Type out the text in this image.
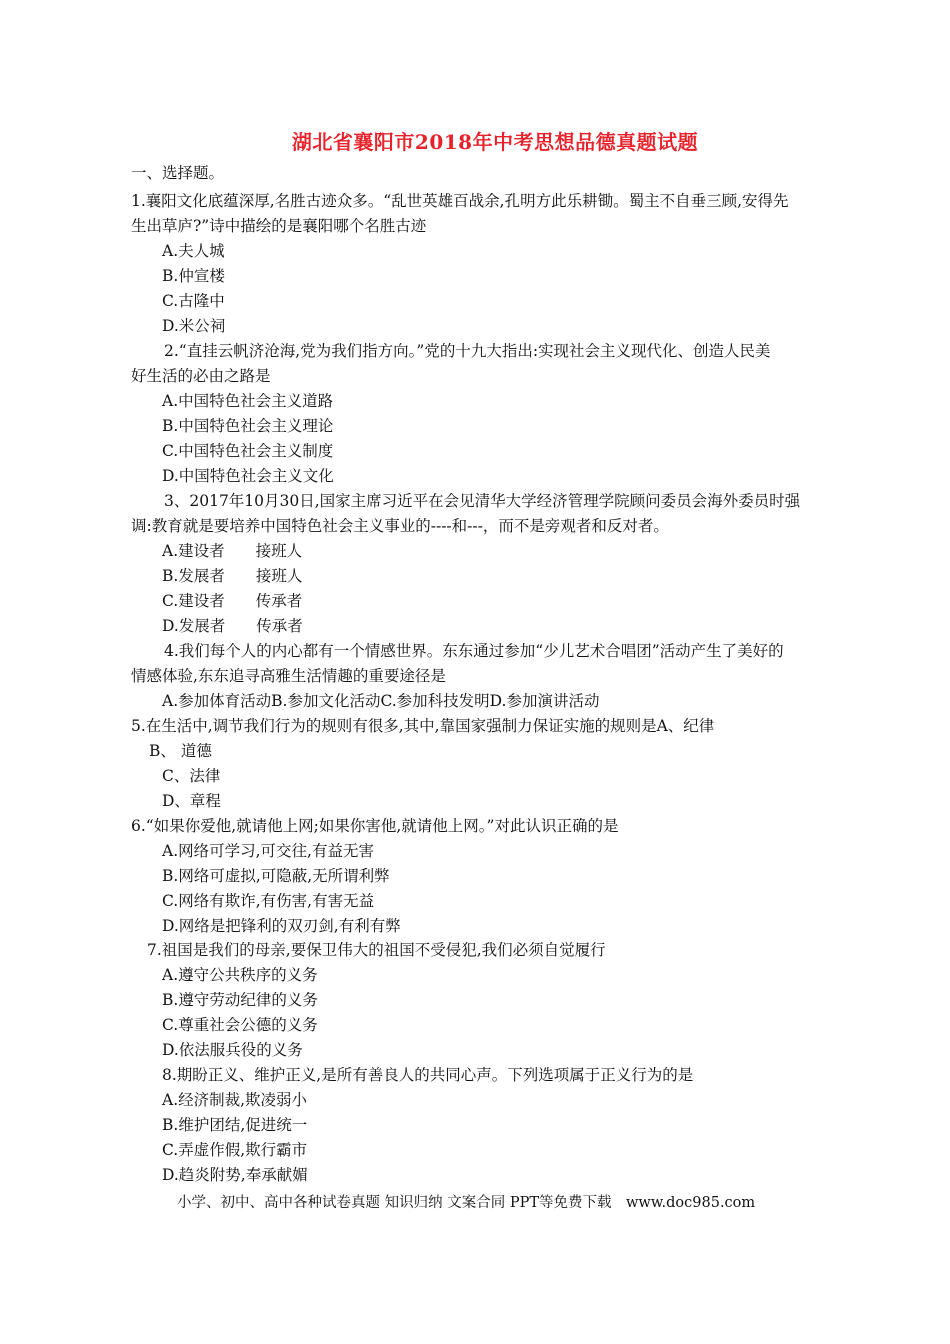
湖北省襄阳市2018年中考思想品德真题试题
一、选择题。
1.襄阳文化底蕴深厚,名胜古迹众多。“乱世英雄百战余,孔明方此乐耕锄。蜀主不自垂三顾,安得先
生出草庐?”诗中描绘的是襄阳哪个名胜古迹
A.夫人城
B.仲宣楼
C.古隆中
D.米公祠
2.“直挂云帆济沧海,党为我们指方向。”党的十九大指出:实现社会主义现代化、创造人民美
好生活的必由之路是
A.中国特色社会主义道路
B.中国特色社会主义理论
C.中国特色社会主义制度
D.中国特色社会主义文化
3、2017年10月30日,国家主席习近平在会见清华大学经济管理学院顾问委员会海外委员时强
调:教育就是要培养中国特色社会主义事业的----和---，而不是旁观者和反对者。
A.建设者　　接班人
B.发展者　　接班人
C.建设者　　传承者
D.发展者　　传承者
4.我们每个人的内心都有一个情感世界。东东通过参加“少儿艺术合唱团”活动产生了美好的
情感体验,东东追寻高雅生活情趣的重要途径是
A.参加体育活动B.参加文化活动C.参加科技发明D.参加演讲活动
5.在生活中,调节我们行为的规则有很多,其中,靠国家强制力保证实施的规则是A、纪律
B、 道德
C、法律
D、章程
6.“如果你爱他,就请他上网;如果你害他,就请他上网。”对此认识正确的是
A.网络可学习,可交往,有益无害
B.网络可虚拟,可隐蔽,无所谓利弊
C.网络有欺诈,有伤害,有害无益
D.网络是把锋利的双刃剑,有利有弊
7.祖国是我们的母亲,要保卫伟大的祖国不受侵犯,我们必须自觉履行
A.遵守公共秩序的义务
B.遵守劳动纪律的义务
C.尊重社会公德的义务
D.依法服兵役的义务
8.期盼正义、维护正义,是所有善良人的共同心声。下列选项属于正义行为的是
A.经济制裁,欺凌弱小
B.维护团结,促进统一
C.弄虚作假,欺行霸市
D.趋炎附势,奉承献媚
小学、初中、高中各种试卷真题 知识归纳 文案合同 PPT等免费下载　www.doc985.com
